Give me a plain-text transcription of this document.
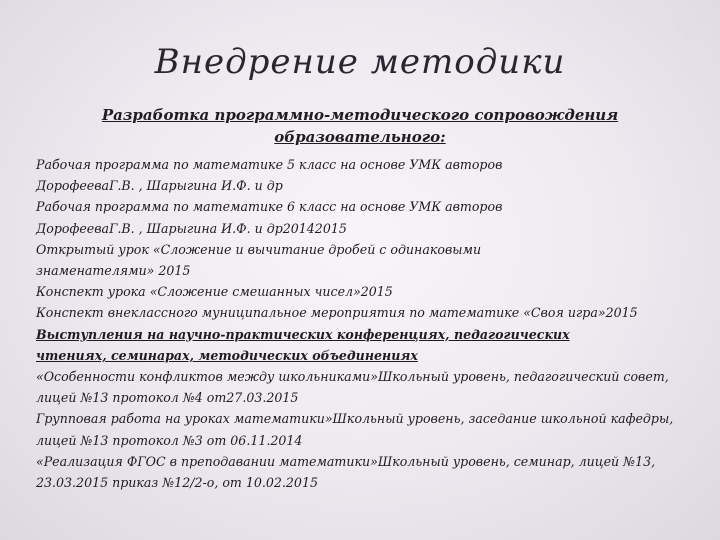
*
Внедрение методики
Разработка программно-методического сопровождения
образовательного:
Рабочая программа по математике 5 класс на основе УМК авторов
ДорофееваГ.В. , Шарыгина И.Ф. и др
Рабочая программа по математике 6 класс на основе УМК авторов
ДорофееваГ.В. , Шарыгина И.Ф. и др20142015
Открытый урок «Сложение и вычитание дробей с одинаковыми
знаменателями» 2015
Конспект урока «Сложение смешанных чисел»2015
Конспект внеклассного муниципальное мероприятия по математике «Своя игра»2015
Выступления на научно-практических конференциях, педагогических
чтениях, семинарах, методических объединениях
«Особенности конфликтов между школьниками»Школьный уровень, педагогический совет,
лицей №13 протокол №4 от27.03.2015
Групповая работа на уроках математики»Школьный уровень, заседание школьной кафедры,
лицей №13 протокол №3 от 06.11.2014
«Реализация ФГОС в преподавании математики»Школьный уровень, семинар, лицей №13,
23.03.2015 приказ №12/2-о, от 10.02.2015
